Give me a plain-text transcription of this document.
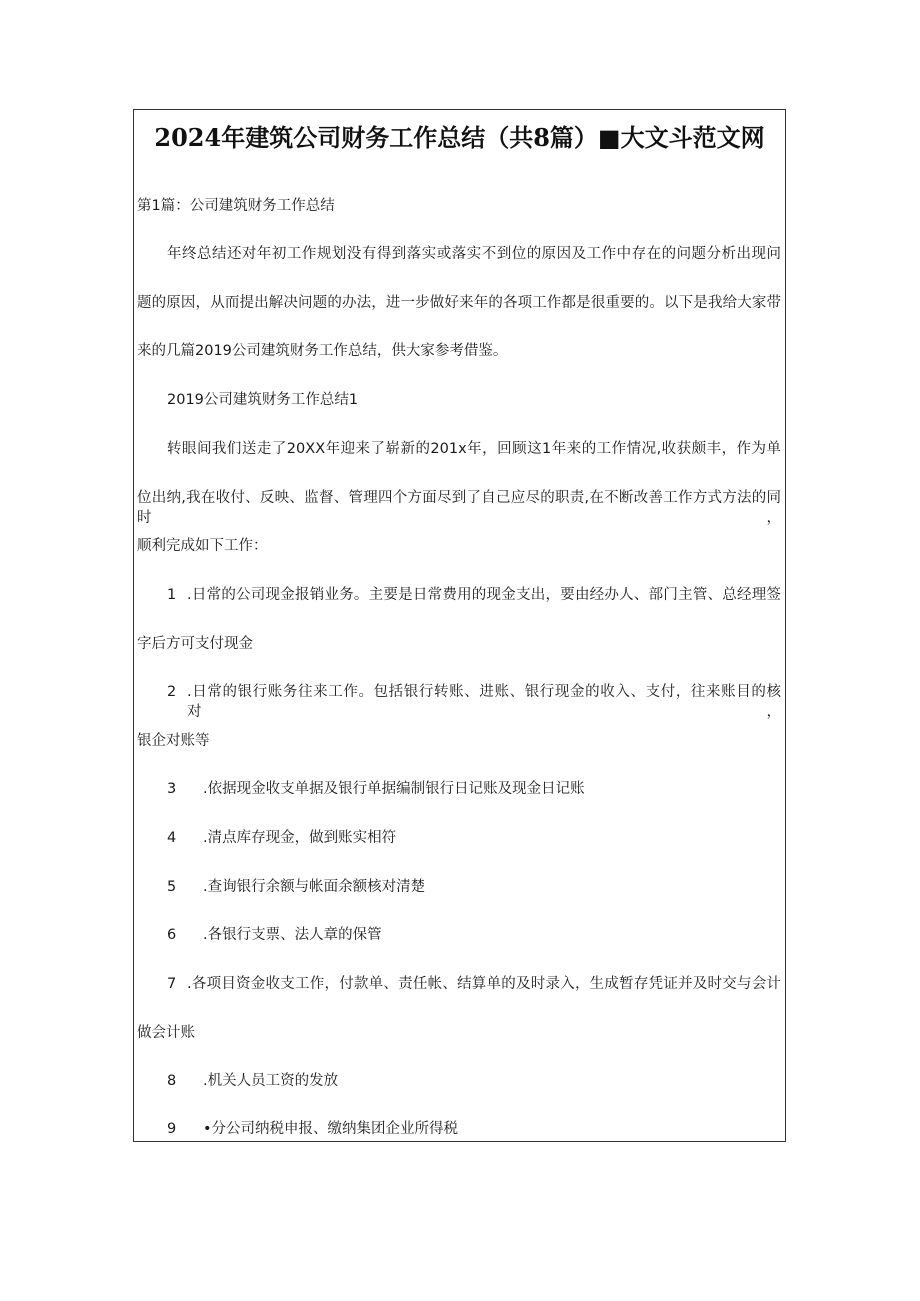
2024年建筑公司财务工作总结（共8篇）■大文斗范文网
第1篇：公司建筑财务工作总结
年终总结还对年初工作规划没有得到落实或落实不到位的原因及工作中存在的问题分析出现问
题的原因，从而提出解决问题的办法，进一步做好来年的各项工作都是很重要的。以下是我给大家带
来的几篇2019公司建筑财务工作总结，供大家参考借鉴。
2019公司建筑财务工作总结1
转眼间我们送走了20XX年迎来了崭新的201x年，回顾这1年来的工作情况,收获颇丰，作为单
位出纳,我在收付、反映、监督、管理四个方面尽到了自己应尽的职责,在不断改善工作方式方法的同时，
顺利完成如下工作：
1 .日常的公司现金报销业务。主要是日常费用的现金支出，要由经办人、部门主管、总经理签
字后方可支付现金
2 .日常的银行账务往来工作。包括银行转账、进账、银行现金的收入、支付，往来账目的核对，
银企对账等
3 .依据现金收支单据及银行单据编制银行日记账及现金日记账
4 .清点库存现金，做到账实相符
5 .查询银行余额与帐面余额核对清楚
6 .各银行支票、法人章的保管
7 .各项目资金收支工作，付款单、责任帐、结算单的及时录入，生成暂存凭证并及时交与会计
做会计账
8 .机关人员工资的发放
9 •分公司纳税申报、缴纳集团企业所得税
